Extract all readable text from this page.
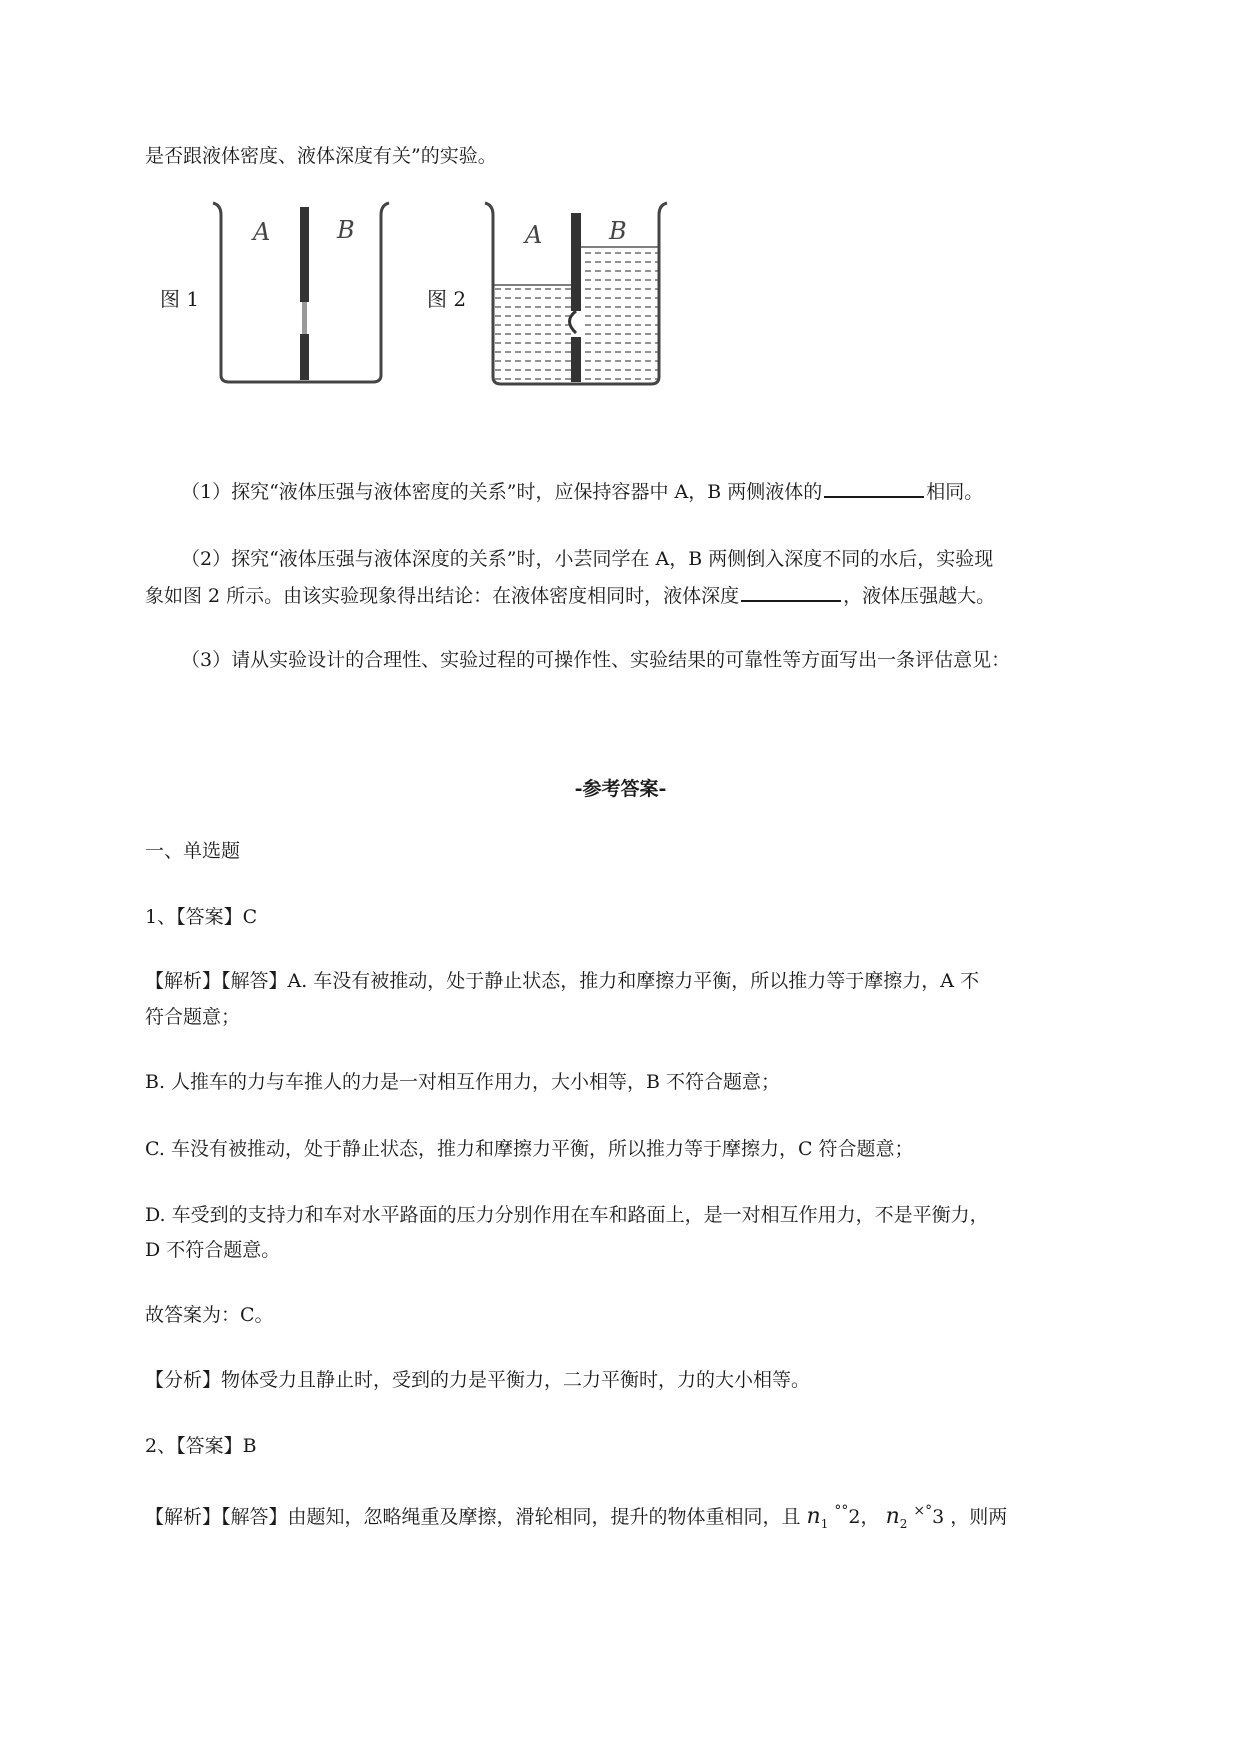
是否跟液体密度、液体深度有关”的实验。
图 1	图 2
A	B	A	B
（1）探究“液体压强与液体密度的关系”时，应保持容器中 A，B 两侧液体的	相同。
（2）探究“液体压强与液体深度的关系”时，小芸同学在 A，B 两侧倒入深度不同的水后，实验现
象如图 2 所示。由该实验现象得出结论：在液体密度相同时，液体深度	，液体压强越大。
（3）请从实验设计的合理性、实验过程的可操作性、实验结果的可靠性等方面写出一条评估意见：
-参考答案-
一、单选题
1、【答案】C
【解析】【解答】A. 车没有被推动，处于静止状态，推力和摩擦力平衡，所以推力等于摩擦力，A 不
符合题意；
B. 人推车的力与车推人的力是一对相互作用力，大小相等，B 不符合题意；
C. 车没有被推动，处于静止状态，推力和摩擦力平衡，所以推力等于摩擦力，C 符合题意；
D. 车受到的支持力和车对水平路面的压力分别作用在车和路面上，是一对相互作用力，不是平衡力，
D 不符合题意。
故答案为：C。
【分析】物体受力且静止时，受到的力是平衡力，二力平衡时，力的大小相等。
2、【答案】B
【解析】【解答】由题知，忽略绳重及摩擦，滑轮相同，提升的物体重相同，且 $n_1$ °°2， $n_2$ ×°3 ，则两
